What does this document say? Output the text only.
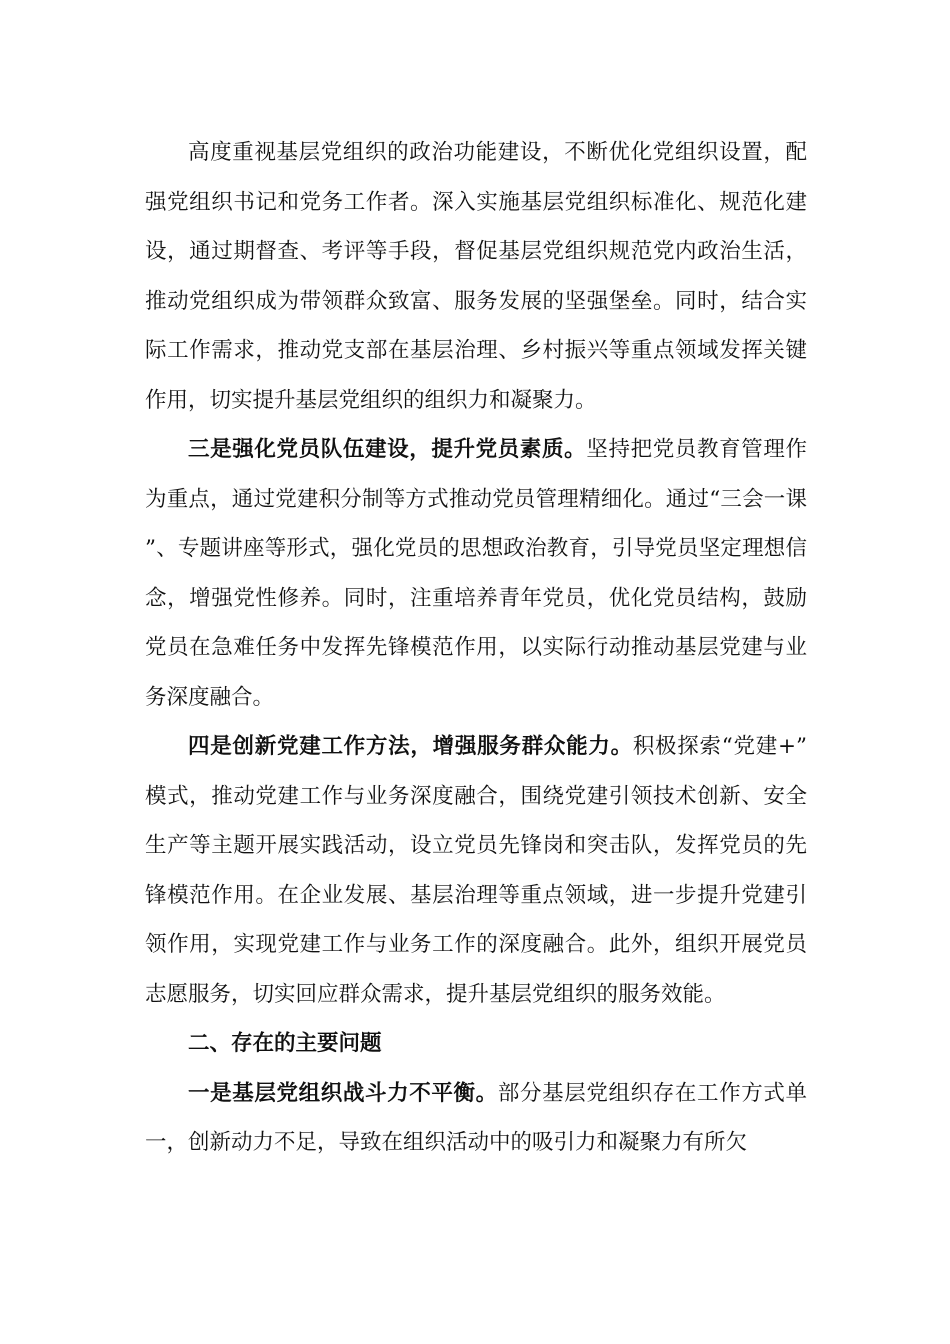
高度重视基层党组织的政治功能建设，不断优化党组织设置，配强党组织书记和党务工作者。深入实施基层党组织标准化、规范化建设，通过期督查、考评等手段，督促基层党组织规范党内政治生活，推动党组织成为带领群众致富、服务发展的坚强堡垒。同时，结合实际工作需求，推动党支部在基层治理、乡村振兴等重点领域发挥关键作用，切实提升基层党组织的组织力和凝聚力。

三是强化党员队伍建设，提升党员素质。坚持把党员教育管理作为重点，通过党建积分制等方式推动党员管理精细化。通过“三会一课”、专题讲座等形式，强化党员的思想政治教育，引导党员坚定理想信念，增强党性修养。同时，注重培养青年党员，优化党员结构，鼓励党员在急难任务中发挥先锋模范作用，以实际行动推动基层党建与业务深度融合。

四是创新党建工作方法，增强服务群众能力。积极探索“党建+”模式，推动党建工作与业务深度融合，围绕党建引领技术创新、安全生产等主题开展实践活动，设立党员先锋岗和突击队，发挥党员的先锋模范作用。在企业发展、基层治理等重点领域，进一步提升党建引领作用，实现党建工作与业务工作的深度融合。此外，组织开展党员志愿服务，切实回应群众需求，提升基层党组织的服务效能。

二、存在的主要问题

一是基层党组织战斗力不平衡。部分基层党组织存在工作方式单一，创新动力不足，导致在组织活动中的吸引力和凝聚力有所欠
